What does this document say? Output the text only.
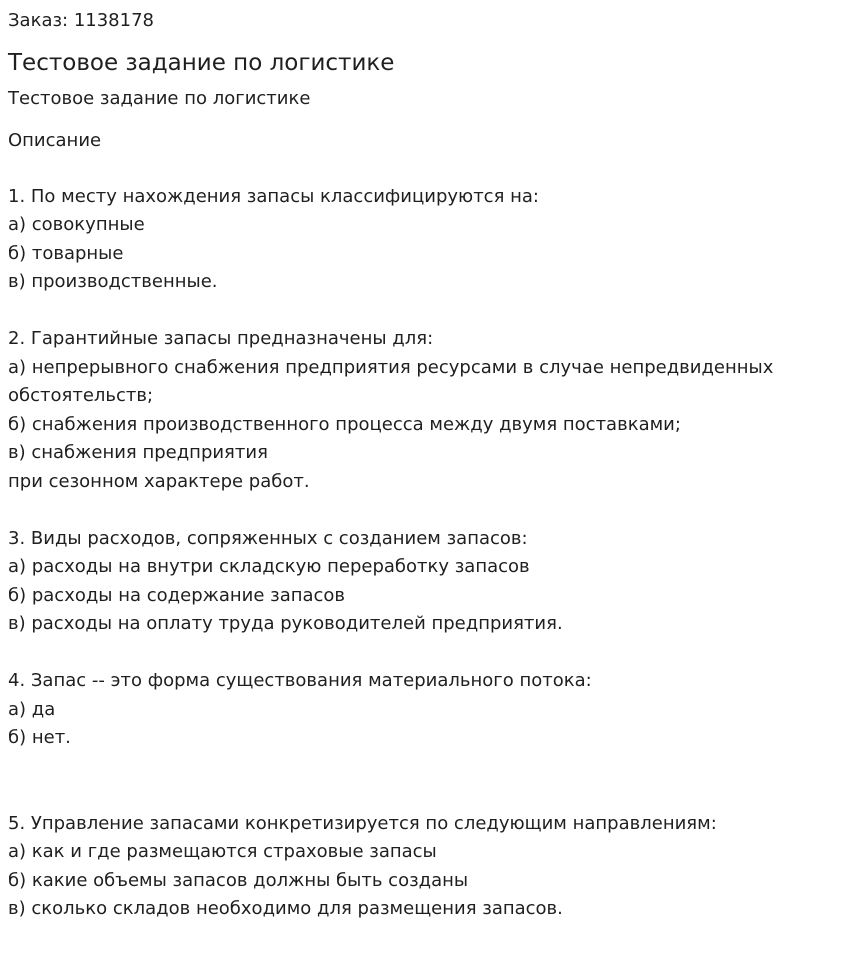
Заказ: 1138178
Тестовое задание по логистике
Тестовое задание по логистике
Описание

1. По месту нахождения запасы классифицируются на:
а) совокупные
б) товарные
в) производственные.

2. Гарантийные запасы предназначены для:
а) непрерывного снабжения предприятия ресурсами в случае непредвиденных обстоятельств;
б) снабжения производственного процесса между двумя поставками;
в) снабжения предприятия
при сезонном характере работ.

3. Виды расходов, сопряженных с созданием запасов:
а) расходы на внутри складскую переработку запасов
б) расходы на содержание запасов
в) расходы на оплату труда руководителей предприятия.

4. Запас -- это форма существования материального потока:
а) да
б) нет.

5. Управление запасами конкретизируется по следующим направлениям:
а) как и где размещаются страховые запасы
б) какие объемы запасов должны быть созданы
в) сколько складов необходимо для размещения запасов.
